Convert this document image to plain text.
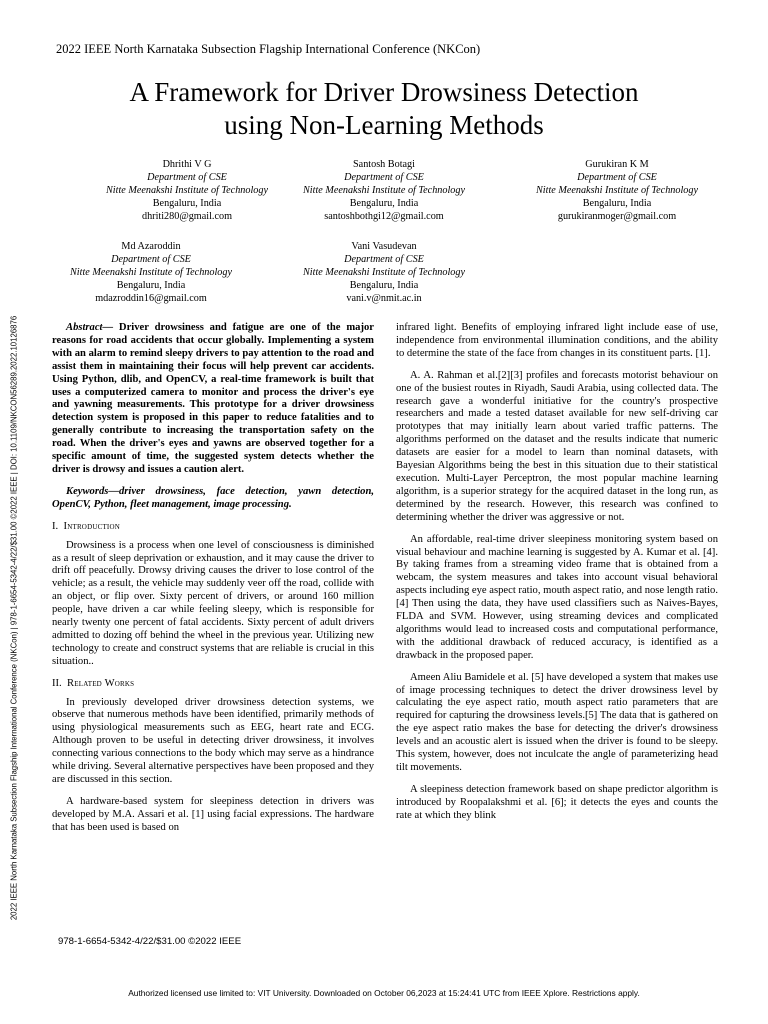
2022 IEEE North Karnataka Subsection Flagship International Conference (NKCon) | 978-1-6654-5342-4/22/$31.00 ©2022 IEEE | DOI: 10.1109/NKCON56289.2022.10126876
2022 IEEE North Karnataka Subsection Flagship International Conference (NKCon)
A Framework for Driver Drowsiness Detection
using Non-Learning Methods
Dhrithi V G
Department of CSE
Nitte Meenakshi Institute of Technology
Bengaluru, India
dhriti280@gmail.com
Santosh Botagi
Department of CSE
Nitte Meenakshi Institute of Technology
Bengaluru, India
santoshbothgi12@gmail.com
Gurukiran K M
Department of CSE
Nitte Meenakshi Institute of Technology
Bengaluru, India
gurukiranmoger@gmail.com
Md Azaroddin
Department of CSE
Nitte Meenakshi Institute of Technology
Bengaluru, India
mdazroddin16@gmail.com
Vani Vasudevan
Department of CSE
Nitte Meenakshi Institute of Technology
Bengaluru, India
vani.v@nmit.ac.in

Abstract— Driver drowsiness and fatigue are one of the major reasons for road accidents that occur globally. Implementing a system with an alarm to remind sleepy drivers to pay attention to the road and assist them in maintaining their focus will help prevent car accidents. Using Python, dlib, and OpenCV, a real-time framework is built that uses a computerized camera to monitor and process the driver's eye and yawning measurements. This prototype for a driver drowsiness detection system is proposed in this paper to reduce fatalities and to generally contribute to increasing the transportation safety on the road. When the driver's eyes and yawns are observed together for a specific amount of time, the suggested system detects whether the driver is drowsy and issues a caution alert.

Keywords—driver drowsiness, face detection, yawn detection, OpenCV, Python, fleet management, image processing.

I. Introduction

Drowsiness is a process when one level of consciousness is diminished as a result of sleep deprivation or exhaustion, and it may cause the driver to drift off peacefully. Drowsy driving causes the driver to lose control of the vehicle; as a result, the vehicle may suddenly veer off the road, collide with an object, or flip over. Sixty percent of drivers, or around 160 million people, have driven a car while feeling sleepy, which is responsible for nearly twenty one percent of fatal accidents. Sixty percent of adult drivers admitted to dozing off behind the wheel in the previous year. Utilizing new technology to create and construct systems that are reliable is crucial in this situation..

II. Related Works

In previously developed driver drowsiness detection systems, we observe that numerous methods have been identified, primarily methods of using physiological measurements such as EEG, heart rate and ECG. Although proven to be useful in detecting driver drowsiness, it involves connecting various connections to the body which may serve as a hindrance while driving. Several alternative perspectives have been proposed and they are discussed in this section.

A hardware-based system for sleepiness detection in drivers was developed by M.A. Assari et al. [1] using facial expressions. The hardware that has been used is based on

infrared light. Benefits of employing infrared light include ease of use, independence from environmental illumination conditions, and the ability to determine the state of the face from changes in its constituent parts. [1].

A. A. Rahman et al.[2][3] profiles and forecasts motorist behaviour on one of the busiest routes in Riyadh, Saudi Arabia, using collected data. The research gave a wonderful initiative for the country's prospective researchers and made a tested dataset available for new self-driving car prototypes that may initially learn about varied traffic patterns. The algorithms performed on the dataset and the results indicate that numeric datasets are easier for a model to learn than nominal datasets, with Bayesian Algorithms being the best in this situation due to their statistical execution. Multi-Layer Perceptron, the most popular machine learning algorithm, is a superior strategy for the acquired dataset in the long run, as determined by the research. However, this research was confined to determining whether the driver was aggressive or not.

An affordable, real-time driver sleepiness monitoring system based on visual behaviour and machine learning is suggested by A. Kumar et al. [4]. By taking frames from a streaming video frame that is obtained from a webcam, the system measures and takes into account visual behavioral aspects including eye aspect ratio, mouth aspect ratio, and nose length ratio. [4] Then using the data, they have used classifiers such as Naives-Bayes, FLDA and SVM. However, using streaming devices and complicated algorithms would lead to increased costs and computational performance, with the additional drawback of reduced accuracy, is identified as a drawback in the proposed paper.

Ameen Aliu Bamidele et al. [5] have developed a system that makes use of image processing techniques to detect the driver drowsiness level by calculating the eye aspect ratio, mouth aspect ratio parameters that are required for capturing the drowsiness levels.[5] The data that is gathered on the eye aspect ratio makes the base for detecting the driver's drowsiness levels and an acoustic alert is issued when the driver is found to be sleepy. This system, however, does not inculcate the angle of parameterizing head tilt movements.

A sleepiness detection framework based on shape predictor algorithm is introduced by Roopalakshmi et al. [6]; it detects the eyes and counts the rate at which they blink

978-1-6654-5342-4/22/$31.00 ©2022 IEEE
Authorized licensed use limited to: VIT University. Downloaded on October 06,2023 at 15:24:41 UTC from IEEE Xplore. Restrictions apply.
